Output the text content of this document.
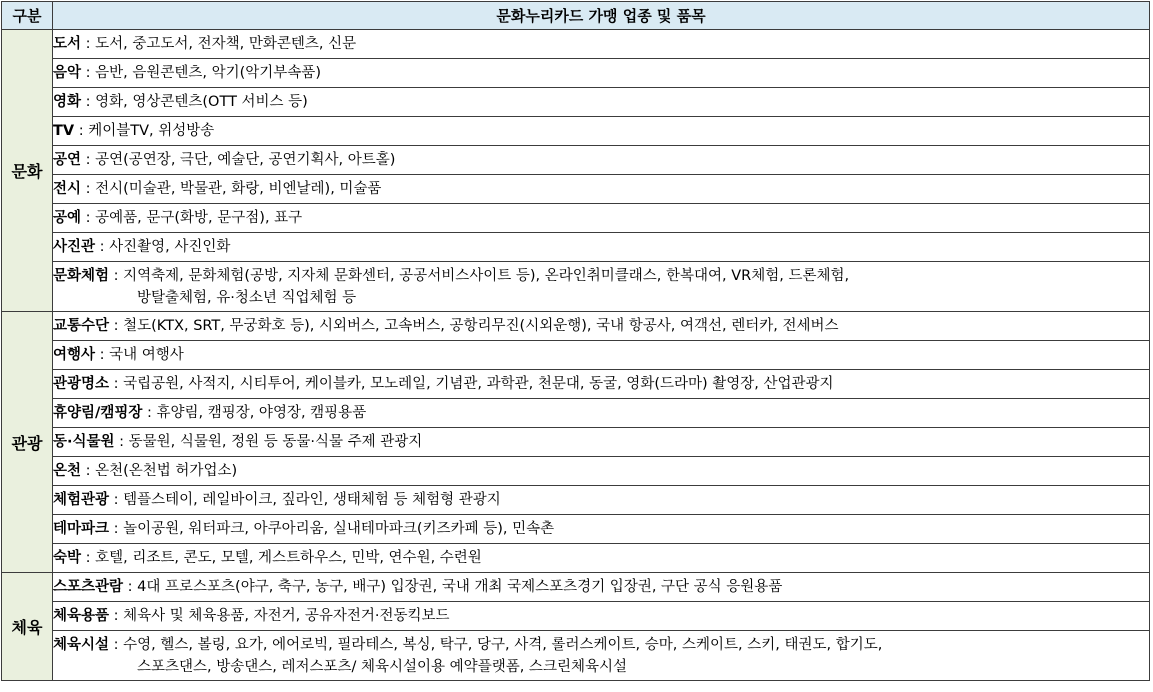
구분	문화누리카드 가맹 업종 및 품목
문화	도서 : 도서, 중고도서, 전자책, 만화콘텐츠, 신문
	음악 : 음반, 음원콘텐츠, 악기(악기부속품)
	영화 : 영화, 영상콘텐츠(OTT 서비스 등)
	TV : 케이블TV, 위성방송
	공연 : 공연(공연장, 극단, 예술단, 공연기획사, 아트홀)
	전시 : 전시(미술관, 박물관, 화랑, 비엔날레), 미술품
	공예 : 공예품, 문구(화방, 문구점), 표구
	사진관 : 사진촬영, 사진인화
	문화체험 : 지역축제, 문화체험(공방, 지자체 문화센터, 공공서비스사이트 등), 온라인취미클래스, 한복대여, VR체험, 드론체험,
방탈출체험, 유·청소년 직업체험 등

관광	교통수단 : 철도(KTX, SRT, 무궁화호 등), 시외버스, 고속버스, 공항리무진(시외운행), 국내 항공사, 여객선, 렌터카, 전세버스
	여행사 : 국내 여행사
	관광명소 : 국립공원, 사적지, 시티투어, 케이블카, 모노레일, 기념관, 과학관, 천문대, 동굴, 영화(드라마) 촬영장, 산업관광지
	휴양림/캠핑장 : 휴양림, 캠핑장, 야영장, 캠핑용품
	동·식물원 : 동물원, 식물원, 정원 등 동물·식물 주제 관광지
	온천 : 온천(온천법 허가업소)
	체험관광 : 템플스테이, 레일바이크, 짚라인, 생태체험 등 체험형 관광지
	테마파크 : 놀이공원, 워터파크, 아쿠아리움, 실내테마파크(키즈카페 등), 민속촌
	숙박 : 호텔, 리조트, 콘도, 모텔, 게스트하우스, 민박, 연수원, 수련원
체육	스포츠관람 : 4대 프로스포츠(야구, 축구, 농구, 배구) 입장권, 국내 개최 국제스포츠경기 입장권, 구단 공식 응원용품
	체육용품 : 체육사 및 체육용품, 자전거, 공유자전거·전동킥보드
	체육시설 : 수영, 헬스, 볼링, 요가, 에어로빅, 필라테스, 복싱, 탁구, 당구, 사격, 롤러스케이트, 승마, 스케이트, 스키, 태권도, 합기도,
스포츠댄스, 방송댄스, 레저스포츠/ 체육시설이용 예약플랫폼, 스크린체육시설
